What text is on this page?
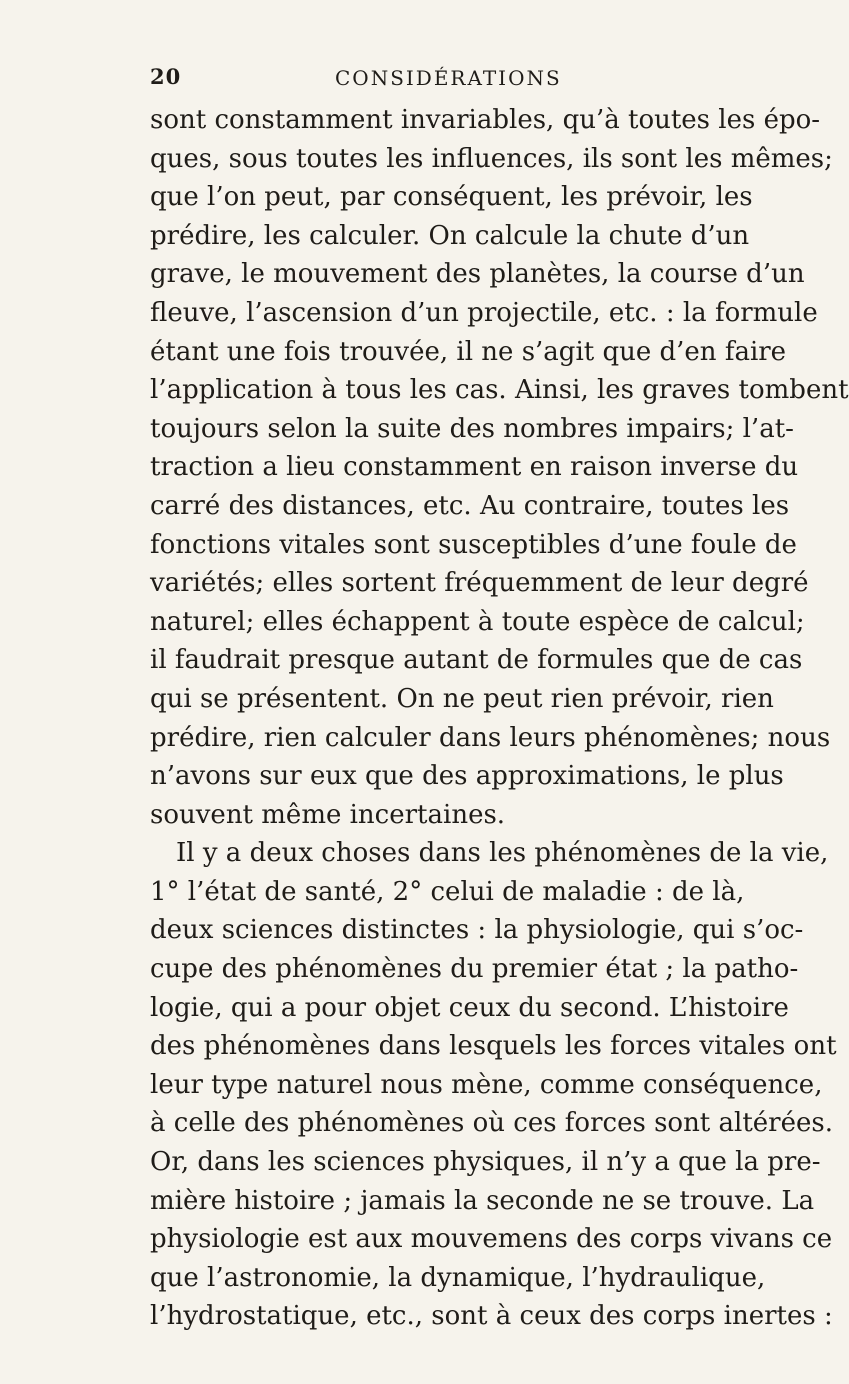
20	CONSIDÉRATIONS
sont constamment invariables, qu’à toutes les épo-
ques, sous toutes les influences, ils sont les mêmes;
que l’on peut, par conséquent, les prévoir, les
prédire, les calculer. On calcule la chute d’un
grave, le mouvement des planètes, la course d’un
fleuve, l’ascension d’un projectile, etc. : la formule
étant une fois trouvée, il ne s’agit que d’en faire
l’application à tous les cas. Ainsi, les graves tombent
toujours selon la suite des nombres impairs; l’at-
traction a lieu constamment en raison inverse du
carré des distances, etc. Au contraire, toutes les
fonctions vitales sont susceptibles d’une foule de
variétés; elles sortent fréquemment de leur degré
naturel; elles échappent à toute espèce de calcul;
il faudrait presque autant de formules que de cas
qui se présentent. On ne peut rien prévoir, rien
prédire, rien calculer dans leurs phénomènes; nous
n’avons sur eux que des approximations, le plus
souvent même incertaines.
Il y a deux choses dans les phénomènes de la vie,
1° l’état de santé, 2° celui de maladie : de là,
deux sciences distinctes : la physiologie, qui s’oc-
cupe des phénomènes du premier état ; la patho-
logie, qui a pour objet ceux du second. L’histoire
des phénomènes dans lesquels les forces vitales ont
leur type naturel nous mène, comme conséquence,
à celle des phénomènes où ces forces sont altérées.
Or, dans les sciences physiques, il n’y a que la pre-
mière histoire ; jamais la seconde ne se trouve. La
physiologie est aux mouvemens des corps vivans ce
que l’astronomie, la dynamique, l’hydraulique,
l’hydrostatique, etc., sont à ceux des corps inertes :
